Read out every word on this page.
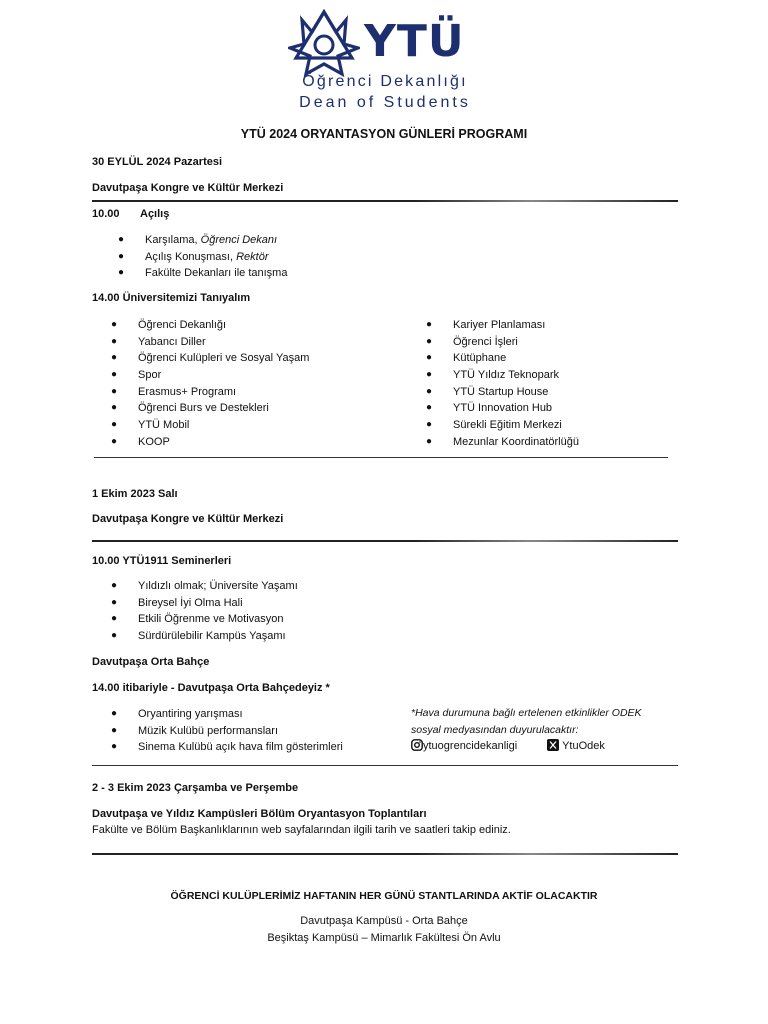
YTÜ
Öğrenci Dekanlığı
Dean of Students
YTÜ 2024 ORYANTASYON GÜNLERİ PROGRAMI
30 EYLÜL 2024 Pazartesi
Davutpaşa Kongre ve Kültür Merkezi
10.00 Açılış
● Karşılama, Öğrenci Dekanı
● Açılış Konuşması, Rektör
● Fakülte Dekanları ile tanışma
14.00 Üniversitemizi Tanıyalım
● Öğrenci Dekanlığı
● Yabancı Diller
● Öğrenci Kulüpleri ve Sosyal Yaşam
● Spor
● Erasmus+ Programı
● Öğrenci Burs ve Destekleri
● YTÜ Mobil
● KOOP
● Kariyer Planlaması
● Öğrenci İşleri
● Kütüphane
● YTÜ Yıldız Teknopark
● YTÜ Startup House
● YTÜ Innovation Hub
● Sürekli Eğitim Merkezi
● Mezunlar Koordinatörlüğü
1 Ekim 2023 Salı
Davutpaşa Kongre ve Kültür Merkezi
10.00 YTÜ1911 Seminerleri
● Yıldızlı olmak; Üniversite Yaşamı
● Bireysel İyi Olma Hali
● Etkili Öğrenme ve Motivasyon
● Sürdürülebilir Kampüs Yaşamı
Davutpaşa Orta Bahçe
14.00 itibariyle - Davutpaşa Orta Bahçedeyiz *
● Oryantiring yarışması
● Müzik Kulübü performansları
● Sinema Kulübü açık hava film gösterimleri
*Hava durumuna bağlı ertelenen etkinlikler ODEK
sosyal medyasından duyurulacaktır:
ytuogrencidekanligi	YtuOdek
2 - 3 Ekim 2023 Çarşamba ve Perşembe
Davutpaşa ve Yıldız Kampüsleri Bölüm Oryantasyon Toplantıları
Fakülte ve Bölüm Başkanlıklarının web sayfalarından ilgili tarih ve saatleri takip ediniz.
ÖĞRENCİ KULÜPLERİMİZ HAFTANIN HER GÜNÜ STANTLARINDA AKTİF OLACAKTIR
Davutpaşa Kampüsü - Orta Bahçe
Beşiktaş Kampüsü – Mimarlık Fakültesi Ön Avlu
